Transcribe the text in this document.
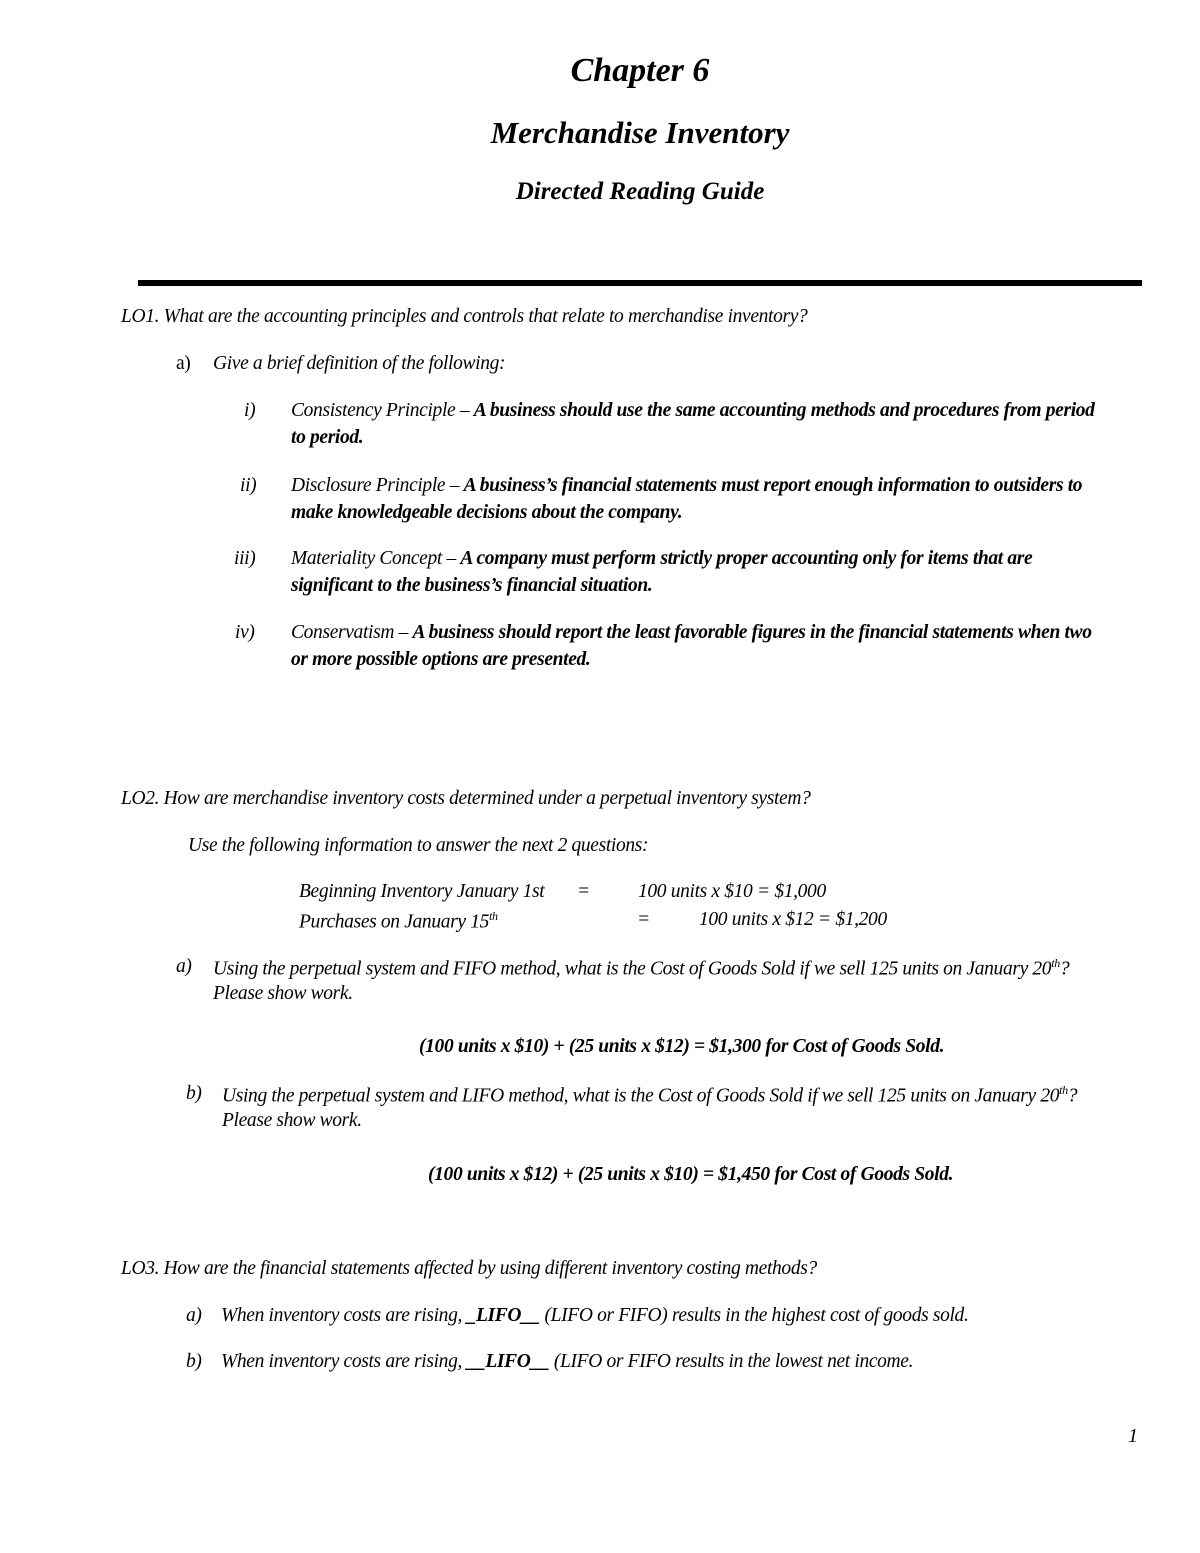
Chapter 6
Merchandise Inventory
Directed Reading Guide
LO1. What are the accounting principles and controls that relate to merchandise inventory?
a) Give a brief definition of the following:
i) Consistency Principle – A business should use the same accounting methods and procedures from period
to period.
ii) Disclosure Principle – A business’s financial statements must report enough information to outsiders to
make knowledgeable decisions about the company.
iii) Materiality Concept – A company must perform strictly proper accounting only for items that are
significant to the business’s financial situation.
iv) Conservatism – A business should report the least favorable figures in the financial statements when two
or more possible options are presented.
LO2. How are merchandise inventory costs determined under a perpetual inventory system?
Use the following information to answer the next 2 questions:
Beginning Inventory January 1st = 100 units x $10 = $1,000
Purchases on January 15th	=	100 units x $12 = $1,200
a) Using the perpetual system and FIFO method, what is the Cost of Goods Sold if we sell 125 units on January 20th?
Please show work.
(100 units x $10) + (25 units x $12) = $1,300 for Cost of Goods Sold.
b) Using the perpetual system and LIFO method, what is the Cost of Goods Sold if we sell 125 units on January 20th?
Please show work.
(100 units x $12) + (25 units x $10) = $1,450 for Cost of Goods Sold.
LO3. How are the financial statements affected by using different inventory costing methods?
a) When inventory costs are rising, _LIFO__ (LIFO or FIFO) results in the highest cost of goods sold.
b) When inventory costs are rising, __LIFO__ (LIFO or FIFO results in the lowest net income.
1
